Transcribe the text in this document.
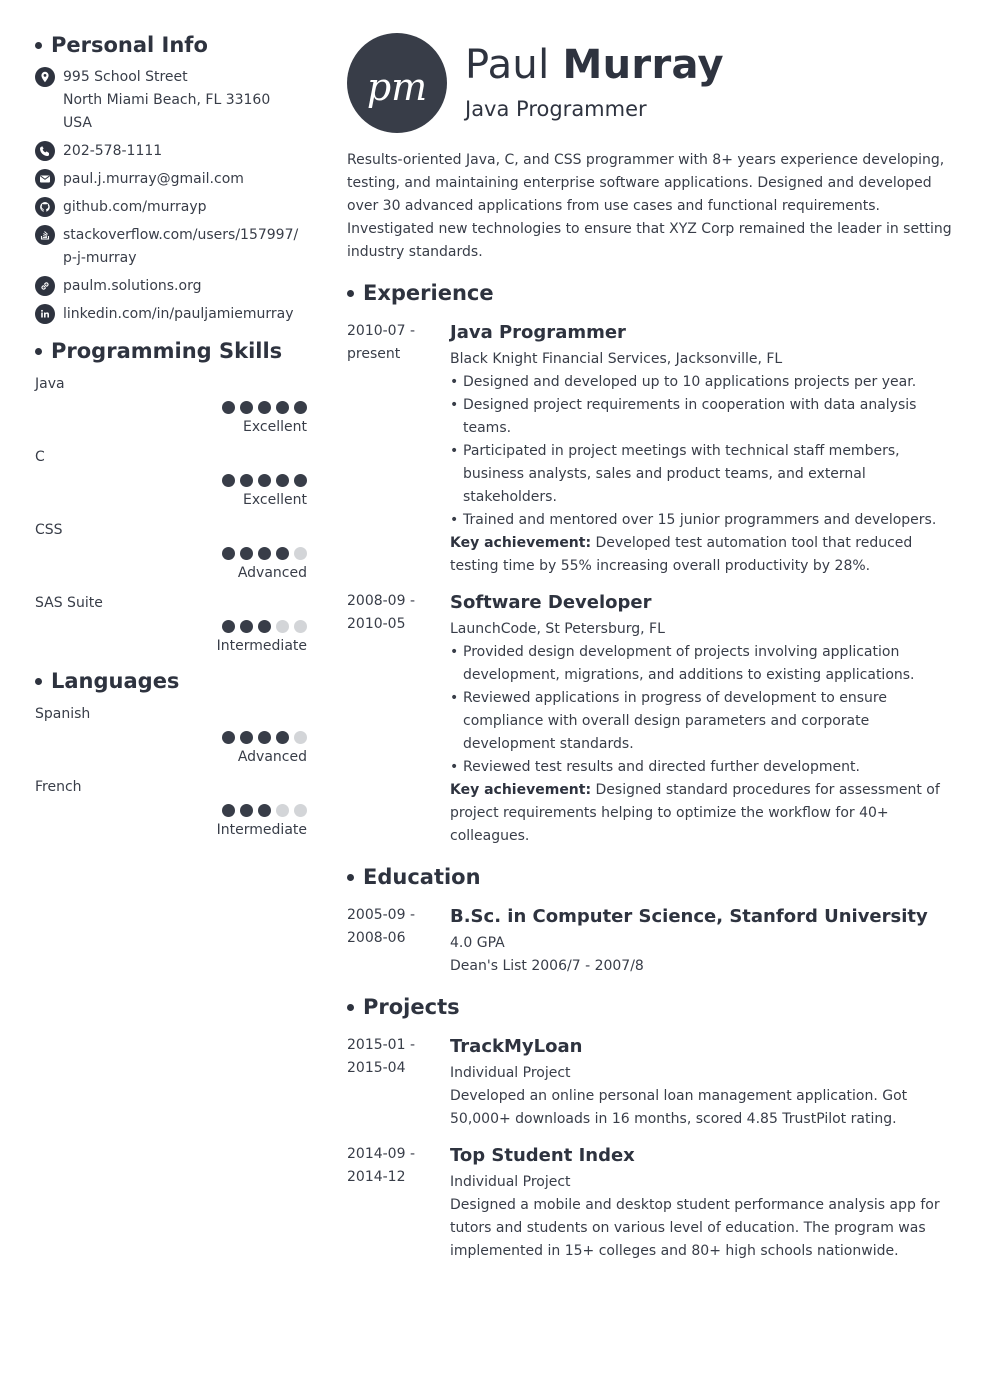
Personal Info
995 School Street
North Miami Beach, FL 33160
USA
202-578-1111
paul.j.murray@gmail.com
github.com/murrayp
stackoverflow.com/users/157997/p-j-murray
paulm.solutions.org
linkedin.com/in/pauljamiemurray
Programming Skills
Java
Excellent
C
Excellent
CSS
Advanced
SAS Suite
Intermediate
Languages
Spanish
Advanced
French
Intermediate
pm Paul Murray
Java Programmer
Results-oriented Java, C, and CSS programmer with 8+ years experience developing, testing, and maintaining enterprise software applications. Designed and developed over 30 advanced applications from use cases and functional requirements. Investigated new technologies to ensure that XYZ Corp remained the leader in setting industry standards.
Experience
2010-07 -
present
Java Programmer
Black Knight Financial Services, Jacksonville, FL
• Designed and developed up to 10 applications projects per year.
• Designed project requirements in cooperation with data analysis teams.
• Participated in project meetings with technical staff members, business analysts, sales and product teams, and external stakeholders.
• Trained and mentored over 15 junior programmers and developers.
Key achievement: Developed test automation tool that reduced testing time by 55% increasing overall productivity by 28%.
2008-09 -
2010-05
Software Developer
LaunchCode, St Petersburg, FL
• Provided design development of projects involving application development, migrations, and additions to existing applications.
• Reviewed applications in progress of development to ensure compliance with overall design parameters and corporate development standards.
• Reviewed test results and directed further development.
Key achievement: Designed standard procedures for assessment of project requirements helping to optimize the workflow for 40+ colleagues.
Education
2005-09 -
2008-06
B.Sc. in Computer Science, Stanford University
4.0 GPA
Dean's List 2006/7 - 2007/8
Projects
2015-01 -
2015-04
TrackMyLoan
Individual Project
Developed an online personal loan management application. Got 50,000+ downloads in 16 months, scored 4.85 TrustPilot rating.
2014-09 -
2014-12
Top Student Index
Individual Project
Designed a mobile and desktop student performance analysis app for tutors and students on various level of education. The program was implemented in 15+ colleges and 80+ high schools nationwide.
